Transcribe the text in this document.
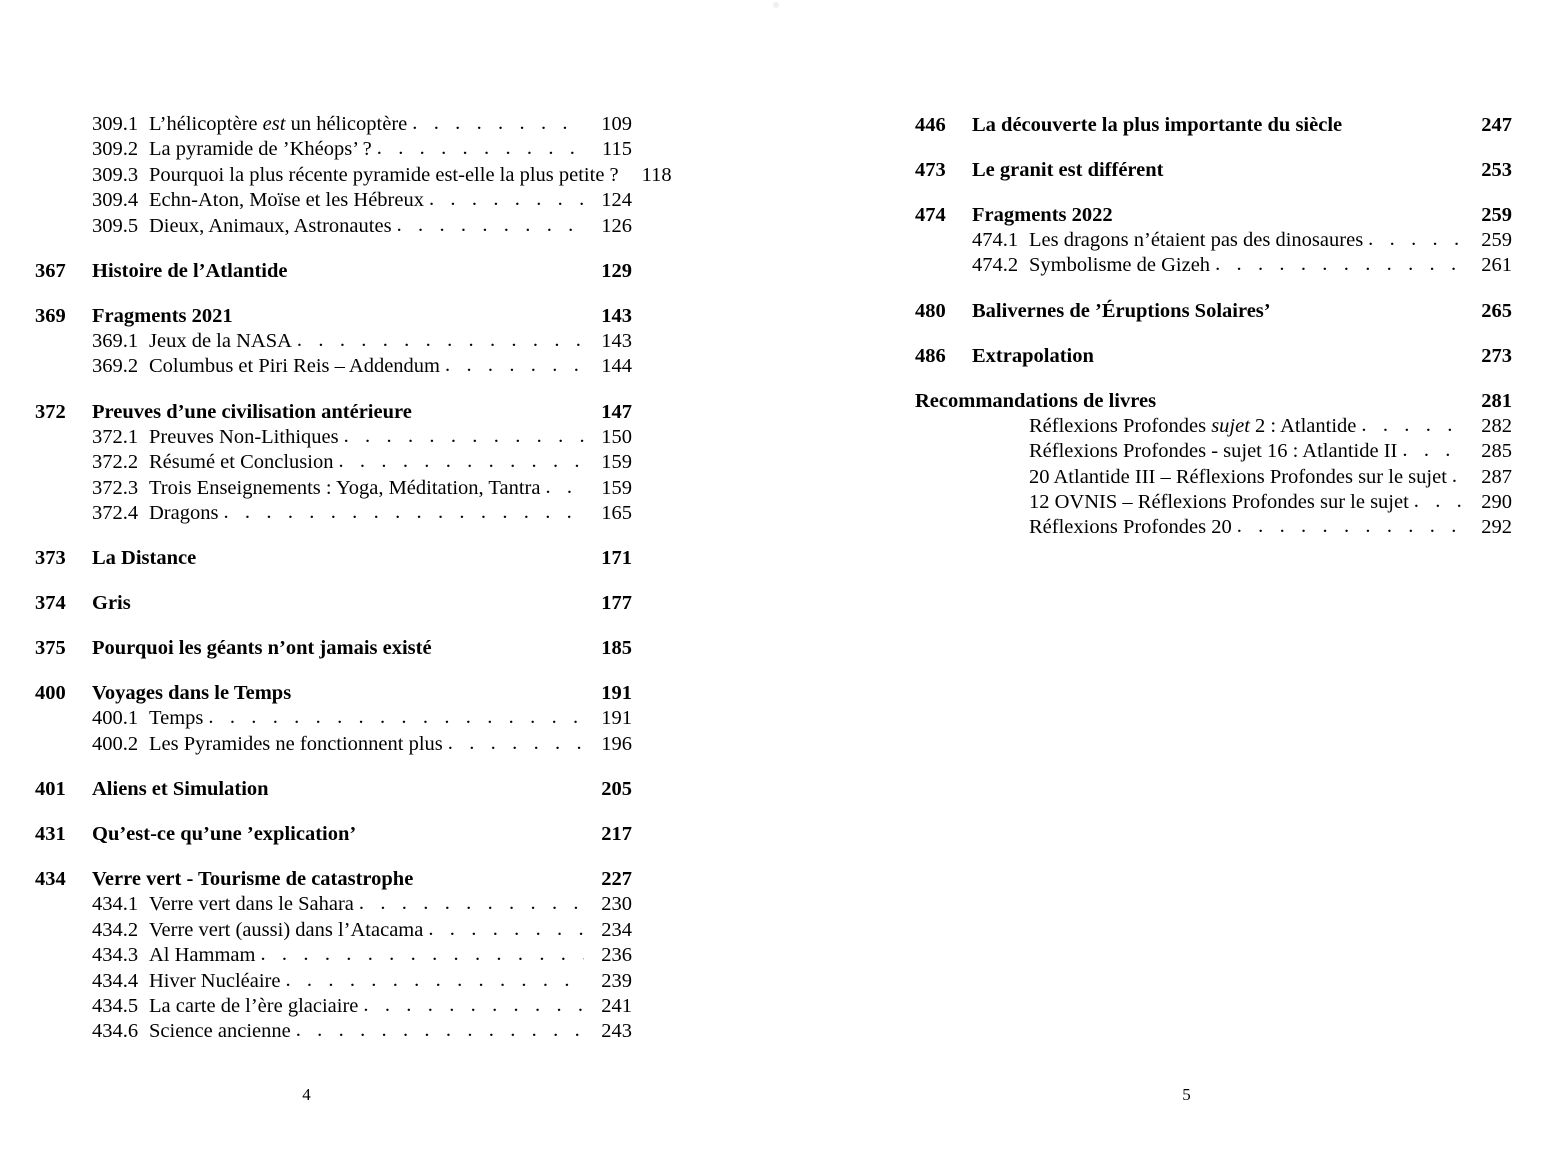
309.1 L’hélicoptère est un hélicoptère . . .	109
309.2 La pyramide de ’Khéops’ ? . . .	115
309.3 Pourquoi la plus récente pyramide est-elle la plus petite ?	118
309.4 Echn-Aton, Moïse et les Hébreux . . .	124
309.5 Dieux, Animaux, Astronautes . . .	126
367	Histoire de l’Atlantide	129
369	Fragments 2021	143
369.1 Jeux de la NASA . . .	143
369.2 Columbus et Piri Reis – Addendum . . .	144
372	Preuves d’une civilisation antérieure	147
372.1 Preuves Non-Lithiques . . .	150
372.2 Résumé et Conclusion . . .	159
372.3 Trois Enseignements : Yoga, Méditation, Tantra . . .	159
372.4 Dragons . . .	165
373	La Distance	171
374	Gris	177
375	Pourquoi les géants n’ont jamais existé	185
400	Voyages dans le Temps	191
400.1 Temps . . .	191
400.2 Les Pyramides ne fonctionnent plus . . .	196
401	Aliens et Simulation	205
431	Qu’est-ce qu’une ’explication’	217
434	Verre vert - Tourisme de catastrophe	227
434.1 Verre vert dans le Sahara . . .	230
434.2 Verre vert (aussi) dans l’Atacama . . .	234
434.3 Al Hammam . . .	236
434.4 Hiver Nucléaire . . .	239
434.5 La carte de l’ère glaciaire . . .	241
434.6 Science ancienne . . .	243
4
446	La découverte la plus importante du siècle	247
473	Le granit est différent	253
474	Fragments 2022	259
474.1 Les dragons n’étaient pas des dinosaures . . .	259
474.2 Symbolisme de Gizeh . . .	261
480	Balivernes de ’Éruptions Solaires’	265
486	Extrapolation	273
Recommandations de livres	281
Réflexions Profondes sujet 2 : Atlantide . . .	282
Réflexions Profondes - sujet 16 : Atlantide II . . .	285
20 Atlantide III – Réflexions Profondes sur le sujet . . .	287
12 OVNIS – Réflexions Profondes sur le sujet . . .	290
Réflexions Profondes 20 . . .	292
5
